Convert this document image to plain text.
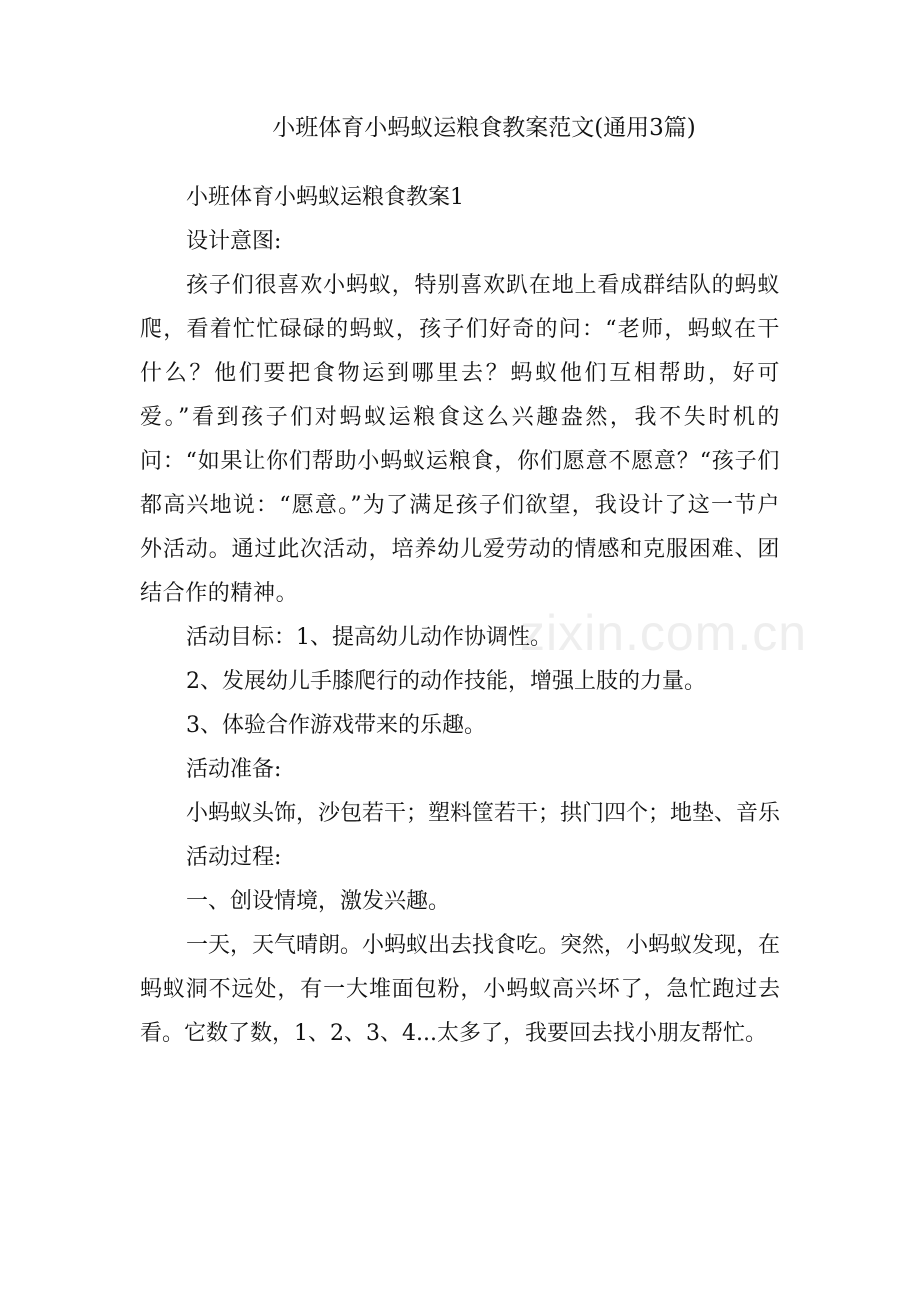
小班体育小蚂蚁运粮食教案范文(通用3篇)

小班体育小蚂蚁运粮食教案1

设计意图:

孩子们很喜欢小蚂蚁，特别喜欢趴在地上看成群结队的蚂蚁爬，看着忙忙碌碌的蚂蚁，孩子们好奇的问：“老师，蚂蚁在干什么？他们要把食物运到哪里去？蚂蚁他们互相帮助，好可爱。”看到孩子们对蚂蚁运粮食这么兴趣盎然，我不失时机的问：“如果让你们帮助小蚂蚁运粮食，你们愿意不愿意？“孩子们都高兴地说：“愿意。”为了满足孩子们欲望，我设计了这一节户外活动。通过此次活动，培养幼儿爱劳动的情感和克服困难、团结合作的精神。

活动目标：1、提高幼儿动作协调性。

2、发展幼儿手膝爬行的动作技能，增强上肢的力量。

3、体验合作游戏带来的乐趣。

活动准备:

小蚂蚁头饰，沙包若干；塑料筐若干；拱门四个；地垫、音乐

活动过程:

一、创设情境，激发兴趣。

一天，天气晴朗。小蚂蚁出去找食吃。突然，小蚂蚁发现，在蚂蚁洞不远处，有一大堆面包粉，小蚂蚁高兴坏了，急忙跑过去看。它数了数，1、2、3、4...太多了，我要回去找小朋友帮忙。

zixin.com.cn
